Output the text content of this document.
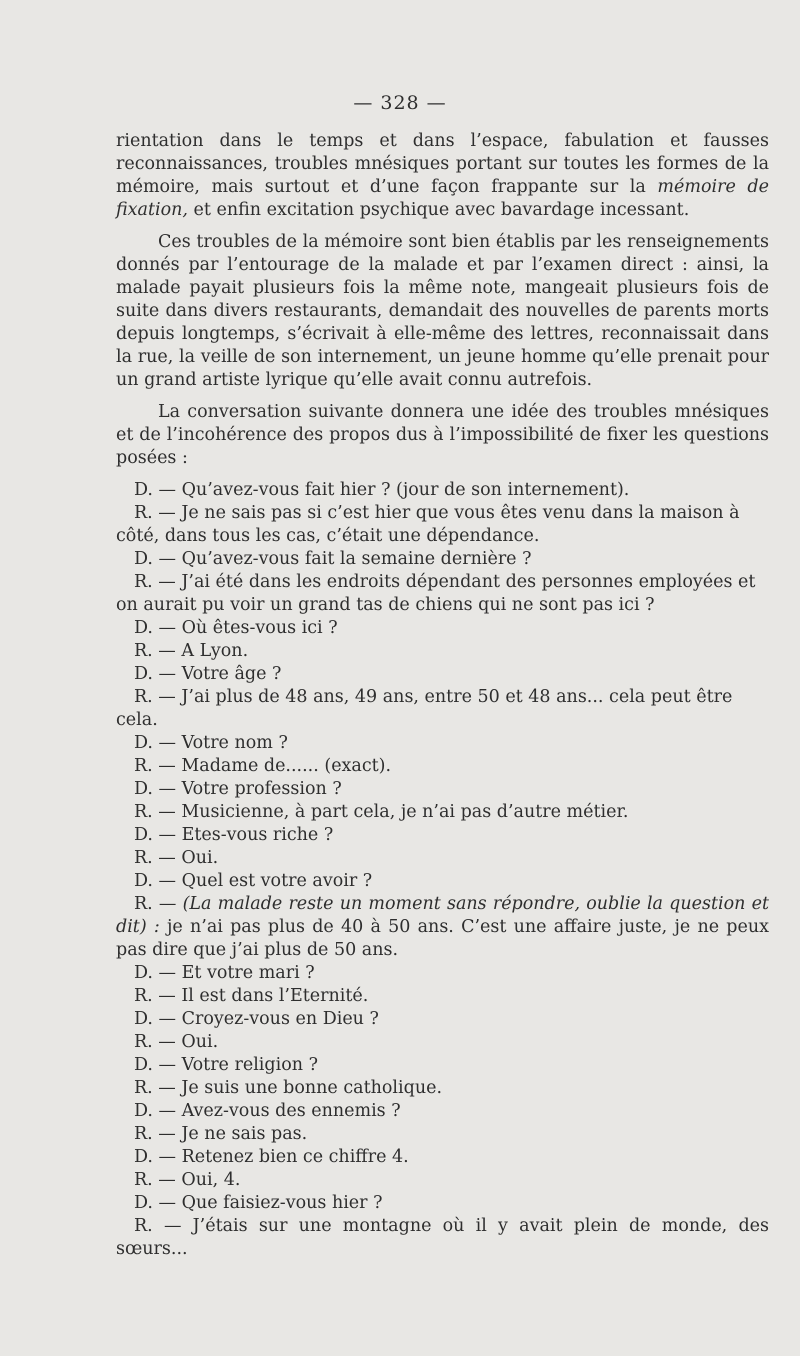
— 328 —

rientation dans le temps et dans l’espace, fabulation et fausses reconnaissances, troubles mnésiques portant sur toutes les formes de la mémoire, mais surtout et d’une façon frappante sur la mémoire de fixation, et enfin excitation psychique avec bavardage incessant.

Ces troubles de la mémoire sont bien établis par les renseignements donnés par l’entourage de la malade et par l’examen direct : ainsi, la malade payait plusieurs fois la même note, mangeait plusieurs fois de suite dans divers restaurants, demandait des nouvelles de parents morts depuis longtemps, s’écrivait à elle-même des lettres, reconnaissait dans la rue, la veille de son internement, un jeune homme qu’elle prenait pour un grand artiste lyrique qu’elle avait connu autrefois.

La conversation suivante donnera une idée des troubles mnésiques et de l’incohérence des propos dus à l’impossibilité de fixer les questions posées :

D. — Qu’avez-vous fait hier ? (jour de son internement).

R. — Je ne sais pas si c’est hier que vous êtes venu dans la maison à côté, dans tous les cas, c’était une dépendance.

D. — Qu’avez-vous fait la semaine dernière ?

R. — J’ai été dans les endroits dépendant des personnes employées et on aurait pu voir un grand tas de chiens qui ne sont pas ici ?

D. — Où êtes-vous ici ?

R. — A Lyon.

D. — Votre âge ?

R. — J’ai plus de 48 ans, 49 ans, entre 50 et 48 ans... cela peut être cela.

D. — Votre nom ?

R. — Madame de...... (exact).

D. — Votre profession ?

R. — Musicienne, à part cela, je n’ai pas d’autre métier.

D. — Etes-vous riche ?

R. — Oui.

D. — Quel est votre avoir ?

R. — (La malade reste un moment sans répondre, oublie la question et dit) : je n’ai pas plus de 40 à 50 ans. C’est une affaire juste, je ne peux pas dire que j’ai plus de 50 ans.

D. — Et votre mari ?

R. — Il est dans l’Eternité.

D. — Croyez-vous en Dieu ?

R. — Oui.

D. — Votre religion ?

R. — Je suis une bonne catholique.

D. — Avez-vous des ennemis ?

R. — Je ne sais pas.

D. — Retenez bien ce chiffre 4.

R. — Oui, 4.

D. — Que faisiez-vous hier ?

R. — J’étais sur une montagne où il y avait plein de monde, des sœurs...
